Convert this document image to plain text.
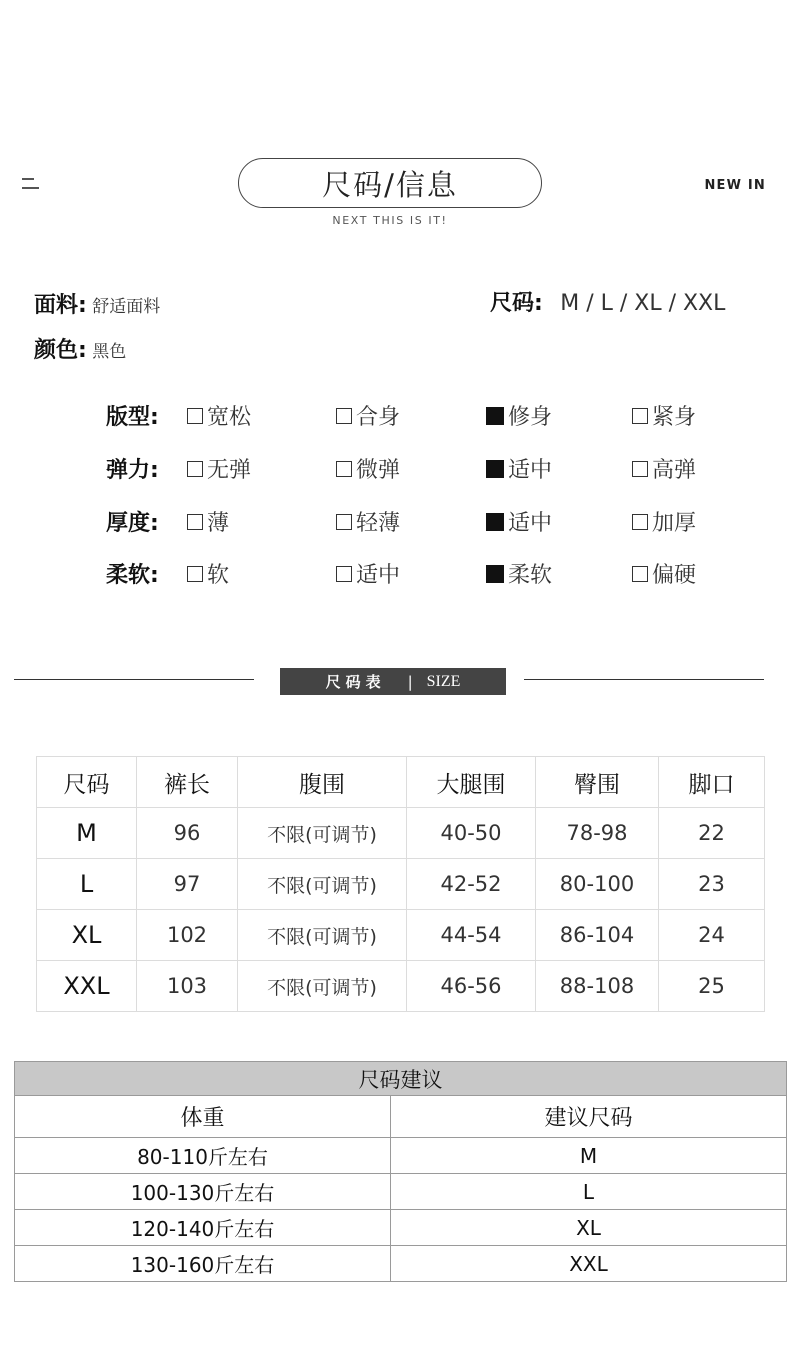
尺码/信息
NEXT THIS IS IT!
NEW IN
面料: 舒适面料
颜色: 黑色
尺码: M / L / XL / XXL
版型: 宽松	合身	修身	紧身
弹力: 无弹	微弹	适中	高弹
厚度: 薄	轻薄	适中	加厚
柔软: 软	适中	柔软	偏硬
尺码表 | SIZE
尺码	裤长	腹围	大腿围	臀围	脚口
M	96	不限(可调节)	40-50	78-98	22
L	97	不限(可调节)	42-52	80-100	23
XL	102	不限(可调节)	44-54	86-104	24
XXL	103	不限(可调节)	46-56	88-108	25
尺码建议	
体重	建议尺码
80-110斤左右	M
100-130斤左右	L
120-140斤左右	XL
130-160斤左右	XXL
